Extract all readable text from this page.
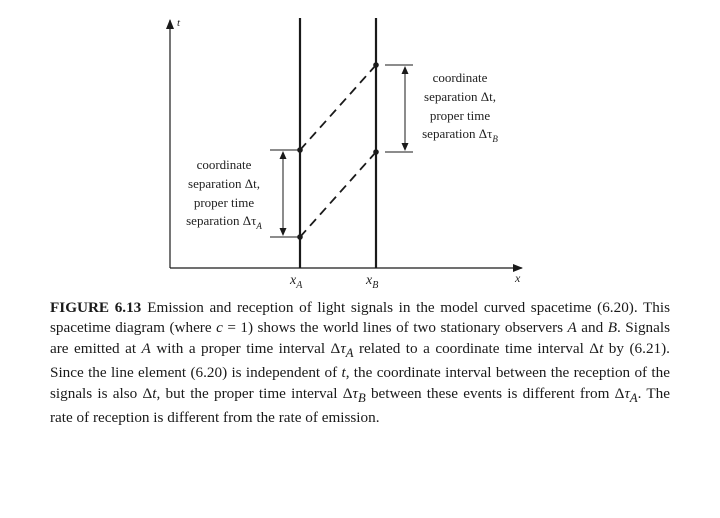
t
x
$x_A$	$x_B$
coordinate
separation Δt,
proper time
separation $\Delta\tau_A$
coordinate
separation Δt,
proper time
separation $\Delta\tau_B$

FIGURE 6.13 Emission and reception of light signals in the model curved spacetime (6.20). This spacetime diagram (where c = 1) shows the world lines of two stationary observers A and B. Signals are emitted at A with a proper time interval $\Delta\tau_A$ related to a coordinate time interval Δt by (6.21). Since the line element (6.20) is independent of t, the coordinate interval between the reception of the signals is also Δt, but the proper time interval $\Delta\tau_B$ between these events is different from $\Delta\tau_A$. The rate of reception is different from the rate of emission.
